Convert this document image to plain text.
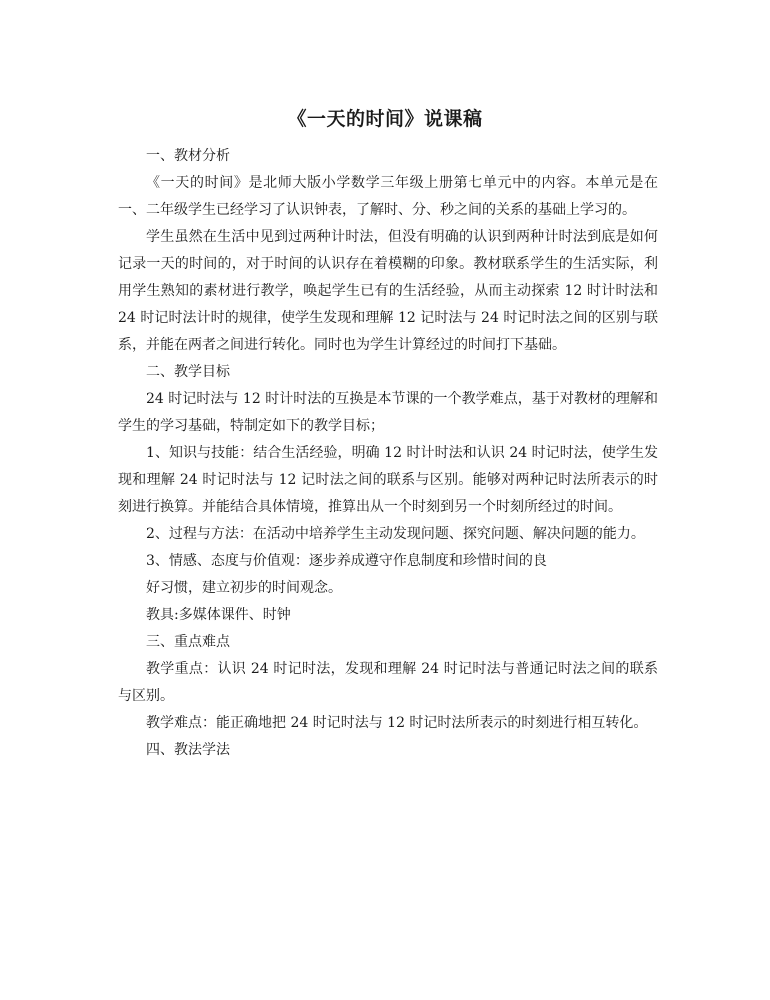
《一天的时间》说课稿

一、教材分析

《一天的时间》是北师大版小学数学三年级上册第七单元中的内容。本单元是在一、二年级学生已经学习了认识钟表，了解时、分、秒之间的关系的基础上学习的。

学生虽然在生活中见到过两种计时法，但没有明确的认识到两种计时法到底是如何记录一天的时间的，对于时间的认识存在着模糊的印象。教材联系学生的生活实际，利用学生熟知的素材进行教学，唤起学生已有的生活经验，从而主动探索 12 时计时法和 24 时记时法计时的规律，使学生发现和理解 12 记时法与 24 时记时法之间的区别与联系，并能在两者之间进行转化。同时也为学生计算经过的时间打下基础。

二、教学目标

24 时记时法与 12 时计时法的互换是本节课的一个教学难点，基于对教材的理解和学生的学习基础，特制定如下的教学目标；

1、知识与技能：结合生活经验，明确 12 时计时法和认识 24 时记时法，使学生发现和理解 24 时记时法与 12 记时法之间的联系与区别。能够对两种记时法所表示的时刻进行换算。并能结合具体情境，推算出从一个时刻到另一个时刻所经过的时间。

2、过程与方法：在活动中培养学生主动发现问题、探究问题、解决问题的能力。

3、情感、态度与价值观：逐步养成遵守作息制度和珍惜时间的良

好习惯，建立初步的时间观念。

教具:多媒体课件、时钟

三、重点难点

教学重点：认识 24 时记时法，发现和理解 24 时记时法与普通记时法之间的联系与区别。

教学难点：能正确地把 24 时记时法与 12 时记时法所表示的时刻进行相互转化。

四、教法学法
